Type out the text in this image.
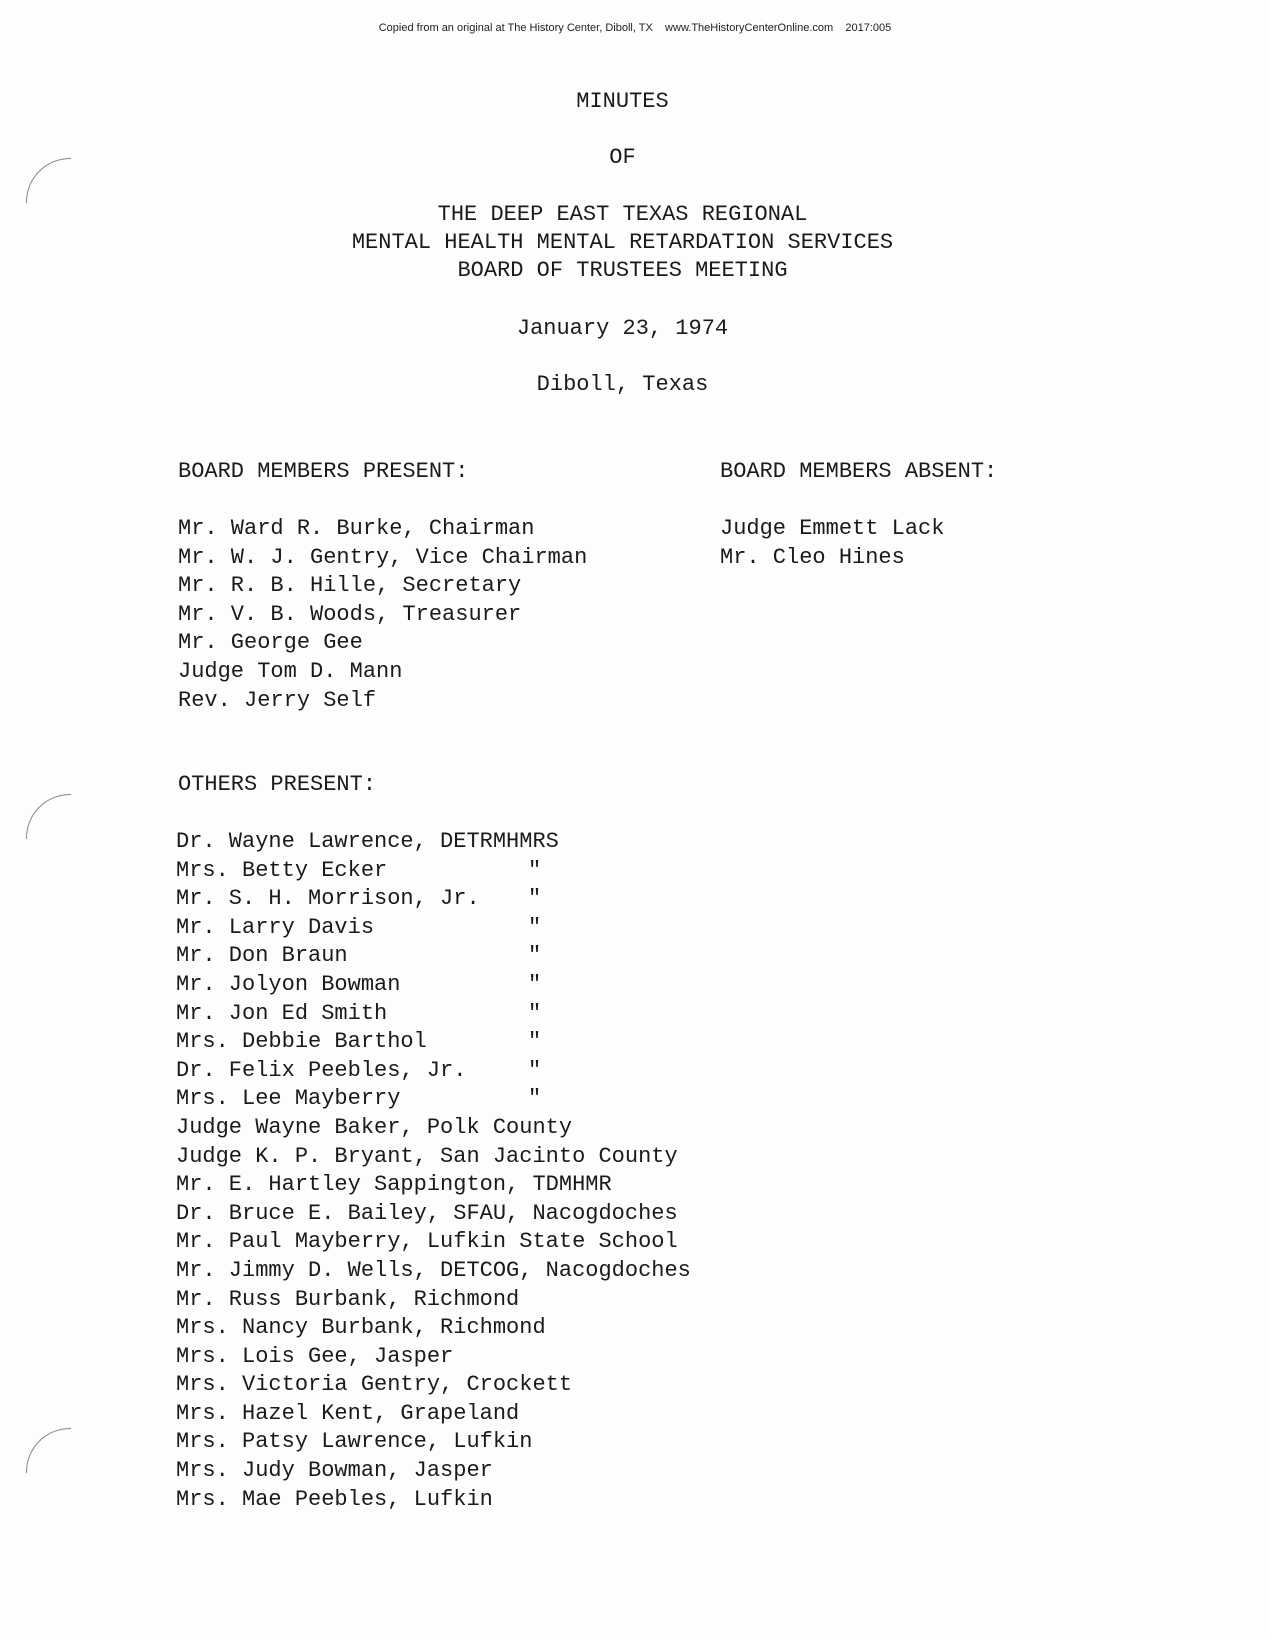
Copied from an original at The History Center, Diboll, TX    www.TheHistoryCenterOnline.com    2017:005
MINUTES
OF
THE DEEP EAST TEXAS REGIONAL
MENTAL HEALTH MENTAL RETARDATION SERVICES
BOARD OF TRUSTEES MEETING
January 23, 1974
Diboll, Texas
BOARD MEMBERS PRESENT:
Mr. Ward R. Burke, Chairman
Mr. W. J. Gentry, Vice Chairman
Mr. R. B. Hille, Secretary
Mr. V. B. Woods, Treasurer
Mr. George Gee
Judge Tom D. Mann
Rev. Jerry Self
BOARD MEMBERS ABSENT:
Judge Emmett Lack
Mr. Cleo Hines
OTHERS PRESENT:
Dr. Wayne Lawrence, DETRMHMRS
Mrs. Betty Ecker	"
Mr. S. H. Morrison, Jr. "
Mr. Larry Davis	"
Mr. Don Braun	"
Mr. Jolyon Bowman	"
Mr. Jon Ed Smith	"
Mrs. Debbie Barthol	"
Dr. Felix Peebles, Jr.	"
Mrs. Lee Mayberry	"
Judge Wayne Baker, Polk County
Judge K. P. Bryant, San Jacinto County
Mr. E. Hartley Sappington, TDMHMR
Dr. Bruce E. Bailey, SFAU, Nacogdoches
Mr. Paul Mayberry, Lufkin State School
Mr. Jimmy D. Wells, DETCOG, Nacogdoches
Mr. Russ Burbank, Richmond
Mrs. Nancy Burbank, Richmond
Mrs. Lois Gee, Jasper
Mrs. Victoria Gentry, Crockett
Mrs. Hazel Kent, Grapeland
Mrs. Patsy Lawrence, Lufkin
Mrs. Judy Bowman, Jasper
Mrs. Mae Peebles, Lufkin
